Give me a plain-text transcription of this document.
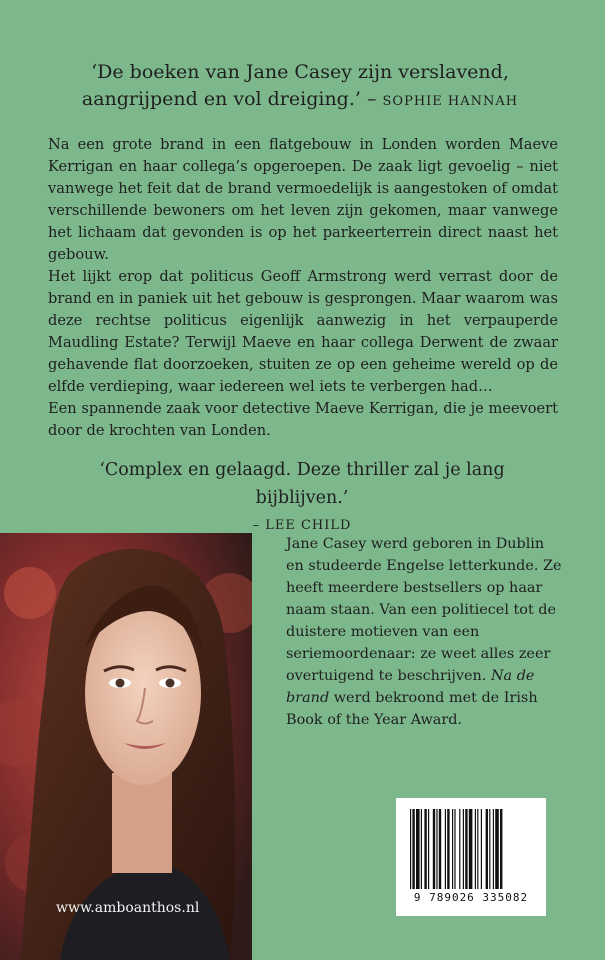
‘De boeken van Jane Casey zijn verslavend,
aangrijpend en vol dreiging.’ – SOPHIE HANNAH

Na een grote brand in een flatgebouw in Londen worden Maeve Kerrigan en haar collega’s opgeroepen. De zaak ligt gevoelig – niet vanwege het feit dat de brand vermoedelijk is aangestoken of omdat verschillende bewoners om het leven zijn gekomen, maar vanwege het lichaam dat gevonden is op het parkeerterrein direct naast het gebouw.

Het lijkt erop dat politicus Geoff Armstrong werd verrast door de brand en in paniek uit het gebouw is gesprongen. Maar waarom was deze rechtse politicus eigenlijk aanwezig in het verpauperde Maudling Estate? Terwijl Maeve en haar collega Derwent de zwaar gehavende flat doorzoeken, stuiten ze op een geheime wereld op de elfde verdieping, waar iedereen wel iets te verbergen had…

Een spannende zaak voor detective Maeve Kerrigan, die je meevoert door de krochten van Londen.

‘Complex en gelaagd. Deze thriller zal je lang bijblijven.’
– LEE CHILD

Jane Casey werd geboren in Dublin en studeerde Engelse letterkunde. Ze heeft meerdere bestsellers op haar naam staan. Van een politiecel tot de duistere motieven van een seriemoordenaar: ze weet alles zeer overtuigend te beschrijven. Na de brand werd bekroond met de Irish Book of the Year Award.

www.amboanthos.nl
9 789026 335082
